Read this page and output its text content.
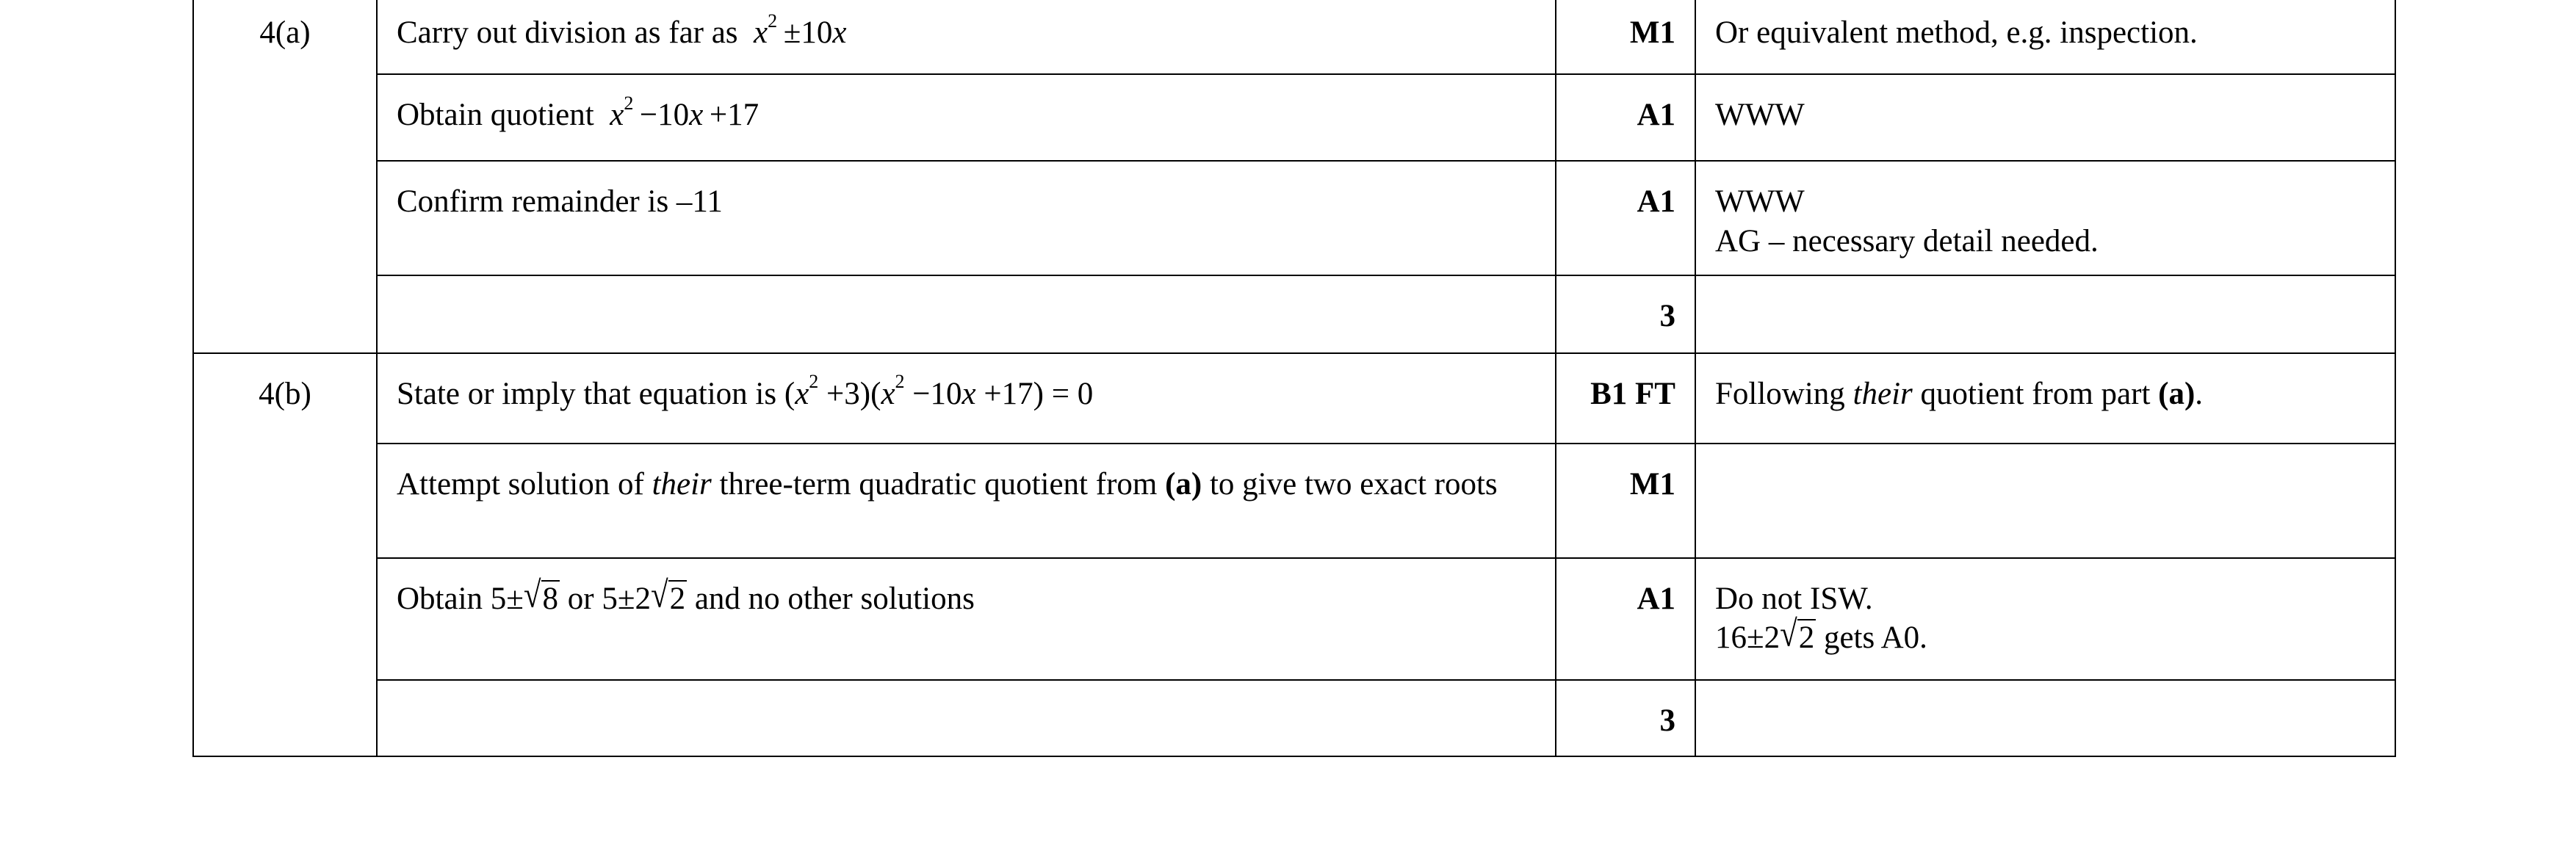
4(a)	Carry out division as far as $x^2 \pm 10x$	M1	Or equivalent method, e.g. inspection.
	Obtain quotient $x^2 -10x +17$	A1	WWW
	Confirm remainder is –11	A1	WWW
AG – necessary detail needed.

		3	
4(b)	State or imply that equation is $(x^2 +3)(x^2 -10x +17) = 0$	B1 FT	Following their quotient from part (a).
	Attempt solution of their three-term quadratic quotient from (a) to give two exact roots	M1	
	Obtain 5±√8 or 5±2√2 and no other solutions	A1	Do not ISW.
16±2√2 gets A0.

		3	
